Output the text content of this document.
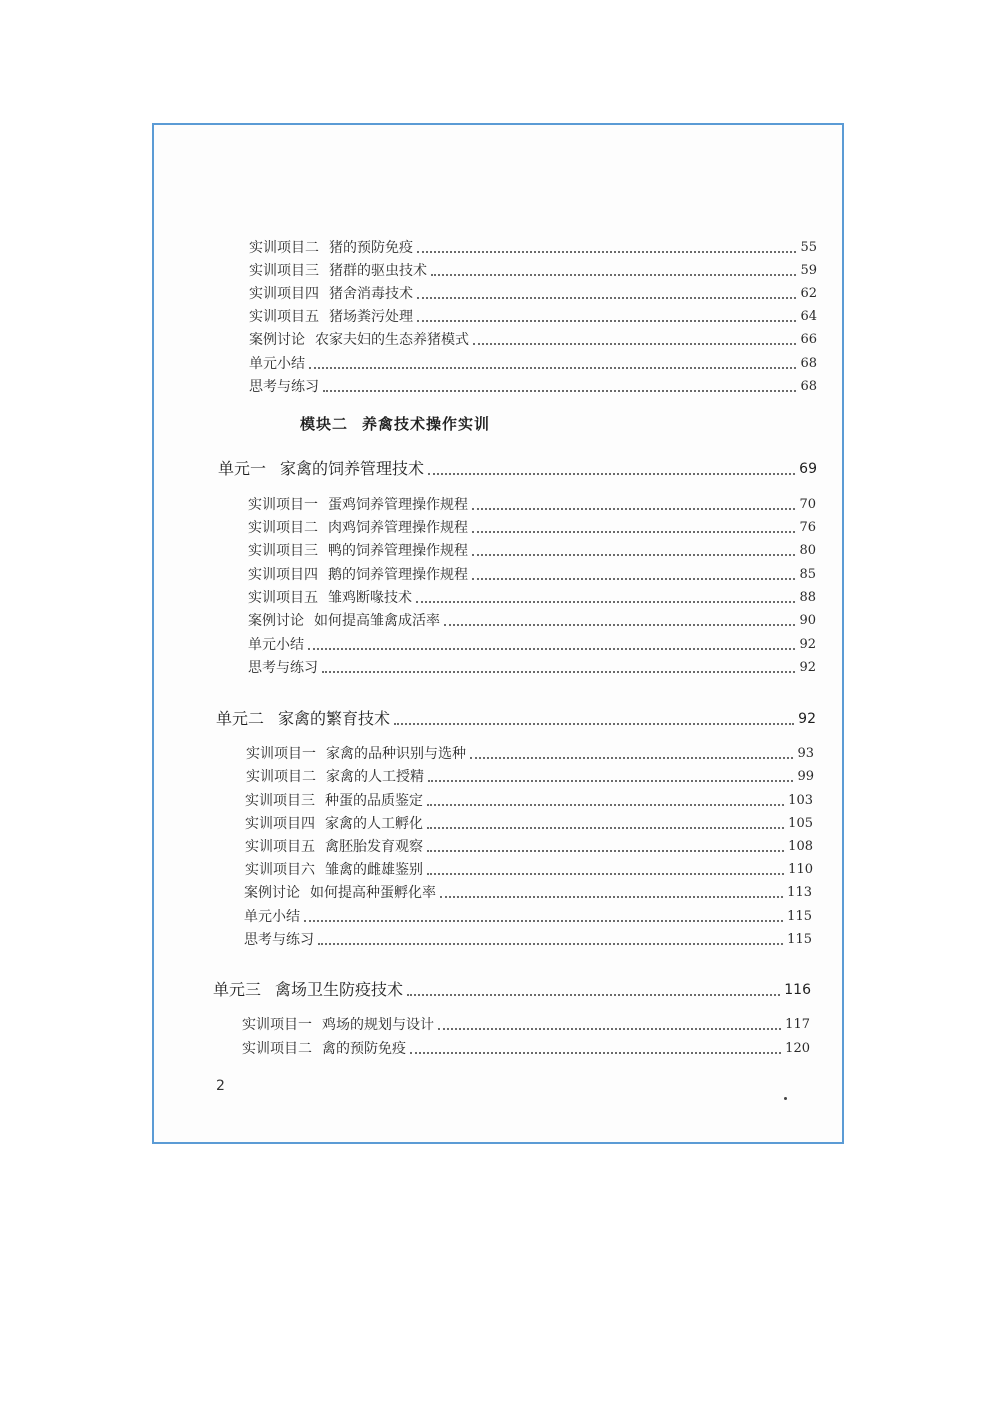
实训项目二 猪的预防免疫	55
实训项目三 猪群的驱虫技术	59
实训项目四 猪舍消毒技术	62
实训项目五 猪场粪污处理	64
案例讨论 农家夫妇的生态养猪模式	66
单元小结	68
思考与练习	68
模块二 养禽技术操作实训
单元一 家禽的饲养管理技术	69
实训项目一 蛋鸡饲养管理操作规程	70
实训项目二 肉鸡饲养管理操作规程	76
实训项目三 鸭的饲养管理操作规程	80
实训项目四 鹅的饲养管理操作规程	85
实训项目五 雏鸡断喙技术	88
案例讨论 如何提高雏禽成活率	90
单元小结	92
思考与练习	92
单元二 家禽的繁育技术	92
实训项目一 家禽的品种识别与选种	93
实训项目二 家禽的人工授精	99
实训项目三 种蛋的品质鉴定	103
实训项目四 家禽的人工孵化	105
实训项目五 禽胚胎发育观察	108
实训项目六 雏禽的雌雄鉴别	110
案例讨论 如何提高种蛋孵化率	113
单元小结	115
思考与练习	115
单元三 禽场卫生防疫技术	116
实训项目一 鸡场的规划与设计	117
实训项目二 禽的预防免疫	120
2
